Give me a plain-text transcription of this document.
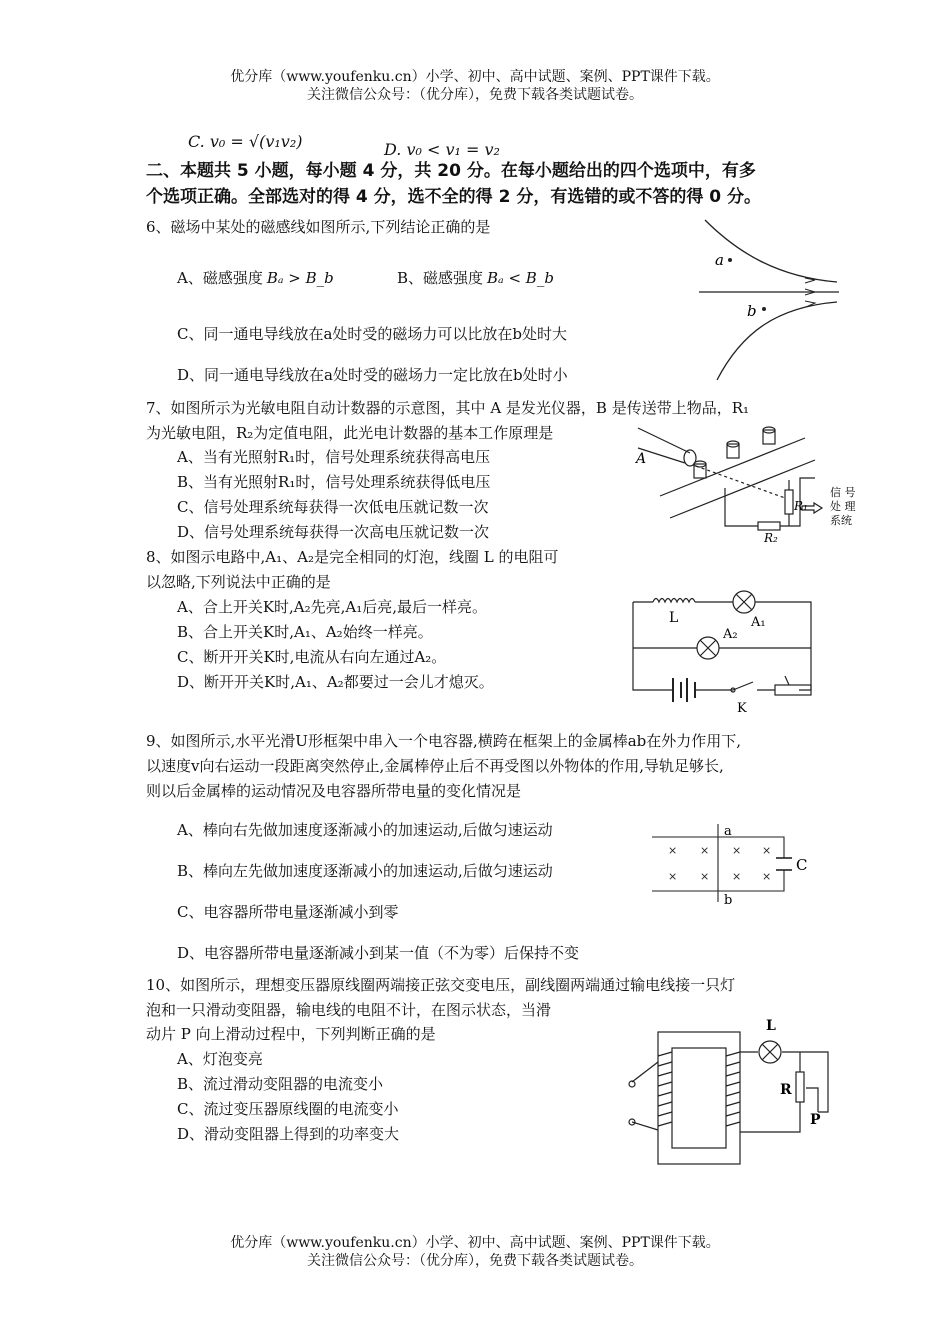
优分库（www.youfenku.cn）小学、初中、高中试题、案例、PPT课件下载。
关注微信公众号：（优分库），免费下载各类试题试卷。
C. v₀ = √(v₁v₂)	D. v₀ < v₁ = v₂
二、本题共 5 小题，每小题 4 分，共 20 分。在每小题给出的四个选项中，有多
个选项正确。全部选对的得 4 分，选不全的得 2 分，有选错的或不答的得 0 分。
6、磁场中某处的磁感线如图所示,下列结论正确的是
A、磁感强度 Bₐ > B_b	B、磁感强度 Bₐ < B_b
C、同一通电导线放在a处时受的磁场力可以比放在b处时大
D、同一通电导线放在a处时受的磁场力一定比放在b处时小
a
b
7、如图所示为光敏电阻自动计数器的示意图，其中 A 是发光仪器，B 是传送带上物品，R₁
为光敏电阻，R₂为定值电阻，此光电计数器的基本工作原理是
A、当有光照射R₁时，信号处理系统获得高电压
B、当有光照射R₁时，信号处理系统获得低电压
C、信号处理系统每获得一次低电压就记数一次
D、信号处理系统每获得一次高电压就记数一次
A
R₁
R₂
信 号
处 理
系统
8、如图示电路中,A₁、A₂是完全相同的灯泡，线圈 L 的电阻可
以忽略,下列说法中正确的是
A、合上开关K时,A₂先亮,A₁后亮,最后一样亮。
B、合上开关K时,A₁、A₂始终一样亮。
C、断开开关K时,电流从右向左通过A₂。
D、断开开关K时,A₁、A₂都要过一会儿才熄灭。
L	A₁
A₂
K
9、如图所示,水平光滑U形框架中串入一个电容器,横跨在框架上的金属棒ab在外力作用下,
以速度v向右运动一段距离突然停止,金属棒停止后不再受图以外物体的作用,导轨足够长,
则以后金属棒的运动情况及电容器所带电量的变化情况是
A、棒向右先做加速度逐渐减小的加速运动,后做匀速运动
B、棒向左先做加速度逐渐减小的加速运动,后做匀速运动
C、电容器所带电量逐渐减小到零
D、电容器所带电量逐渐减小到某一值（不为零）后保持不变
× × × ×
× × × ×
a
b
C
10、如图所示，理想变压器原线圈两端接正弦交变电压，副线圈两端通过输电线接一只灯
泡和一只滑动变阻器，输电线的电阻不计，在图示状态，当滑
动片 P 向上滑动过程中，下列判断正确的是
A、灯泡变亮
B、流过滑动变阻器的电流变小
C、流过变压器原线圈的电流变小
D、滑动变阻器上得到的功率变大
L
R
P
优分库（www.youfenku.cn）小学、初中、高中试题、案例、PPT课件下载。
关注微信公众号：（优分库），免费下载各类试题试卷。
